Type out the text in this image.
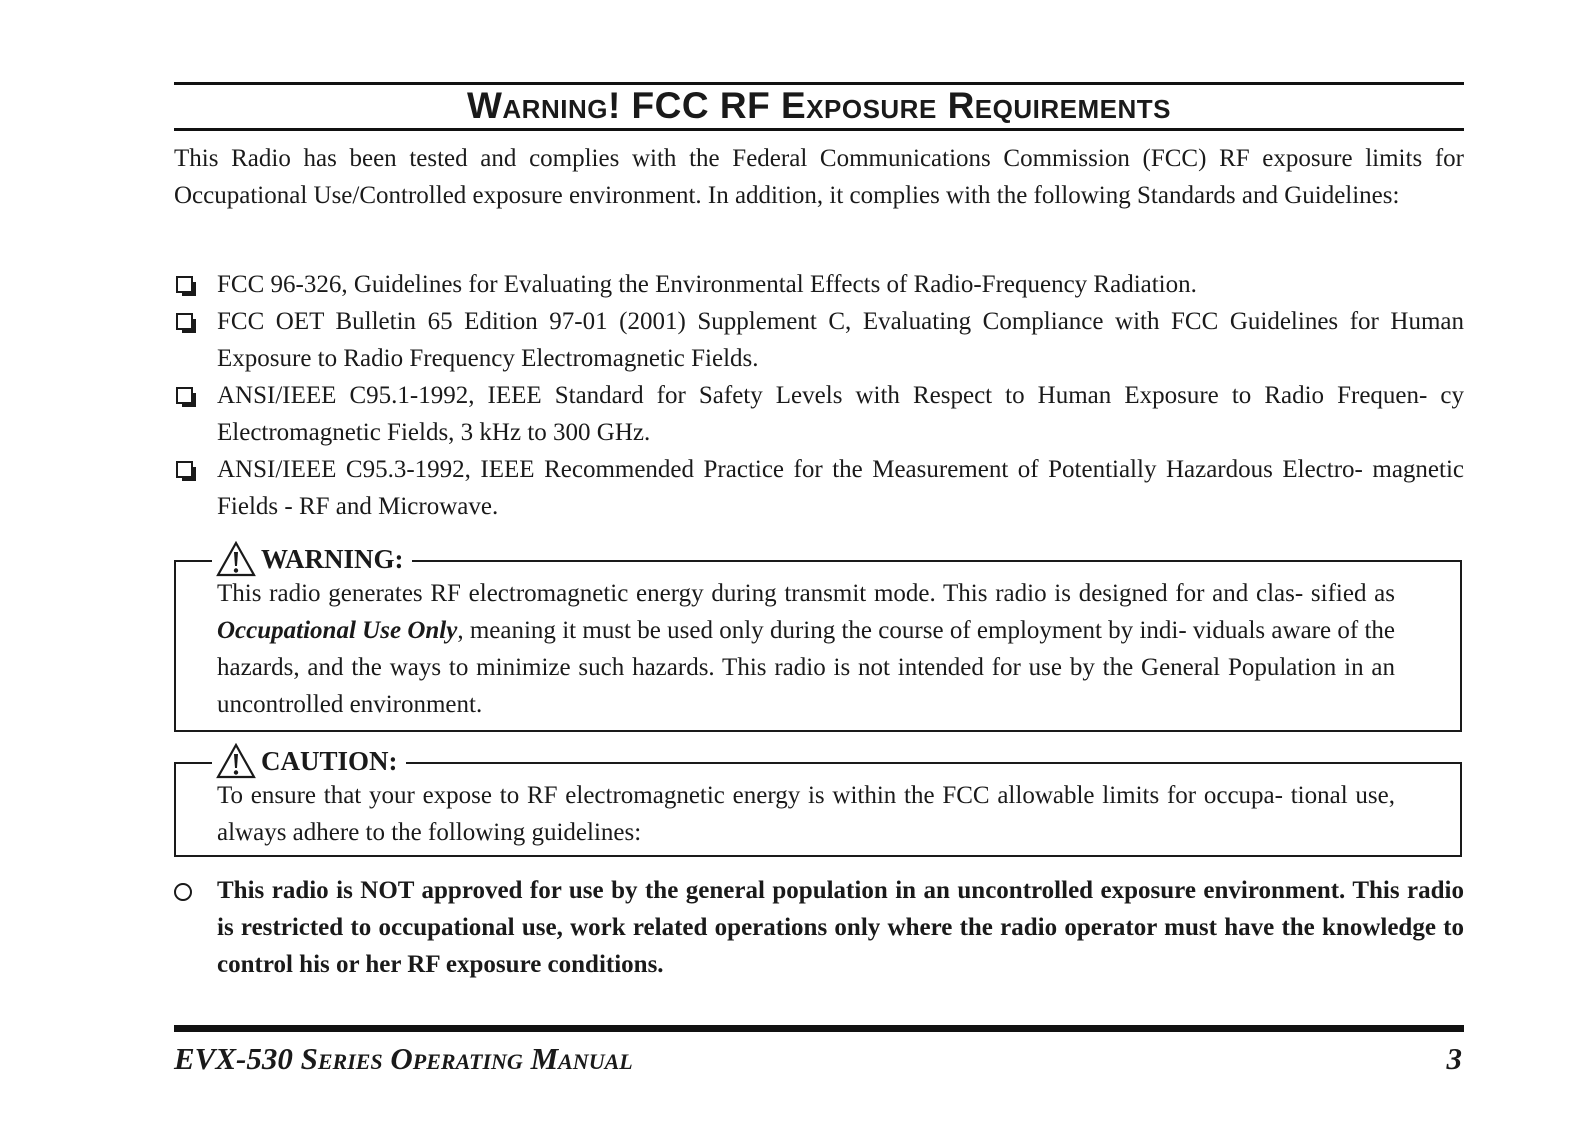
Warning! FCC RF Exposure Requirements
This Radio has been tested and complies with the Federal Communications Commission (FCC) RF exposure limits for Occupational Use/Controlled exposure environment. In addition, it complies with the following Standards and Guidelines:
FCC 96-326, Guidelines for Evaluating the Environmental Effects of Radio-Frequency Radiation.
FCC OET Bulletin 65 Edition 97-01 (2001) Supplement C, Evaluating Compliance with FCC Guidelines for Human Exposure to Radio Frequency Electromagnetic Fields.
ANSI/IEEE C95.1-1992, IEEE Standard for Safety Levels with Respect to Human Exposure to Radio Frequen- cy Electromagnetic Fields, 3 kHz to 300 GHz.
ANSI/IEEE C95.3-1992, IEEE Recommended Practice for the Measurement of Potentially Hazardous Electro- magnetic Fields - RF and Microwave.
WARNING:
This radio generates RF electromagnetic energy during transmit mode. This radio is designed for and clas- sified as Occupational Use Only, meaning it must be used only during the course of employment by indi- viduals aware of the hazards, and the ways to minimize such hazards. This radio is not intended for use by the General Population in an uncontrolled environment.
CAUTION:
To ensure that your expose to RF electromagnetic energy is within the FCC allowable limits for occupa- tional use, always adhere to the following guidelines:
This radio is NOT approved for use by the general population in an uncontrolled exposure environment. This radio is restricted to occupational use, work related operations only where the radio operator must have the knowledge to control his or her RF exposure conditions.
EVX-530 Series Operating Manual	3
